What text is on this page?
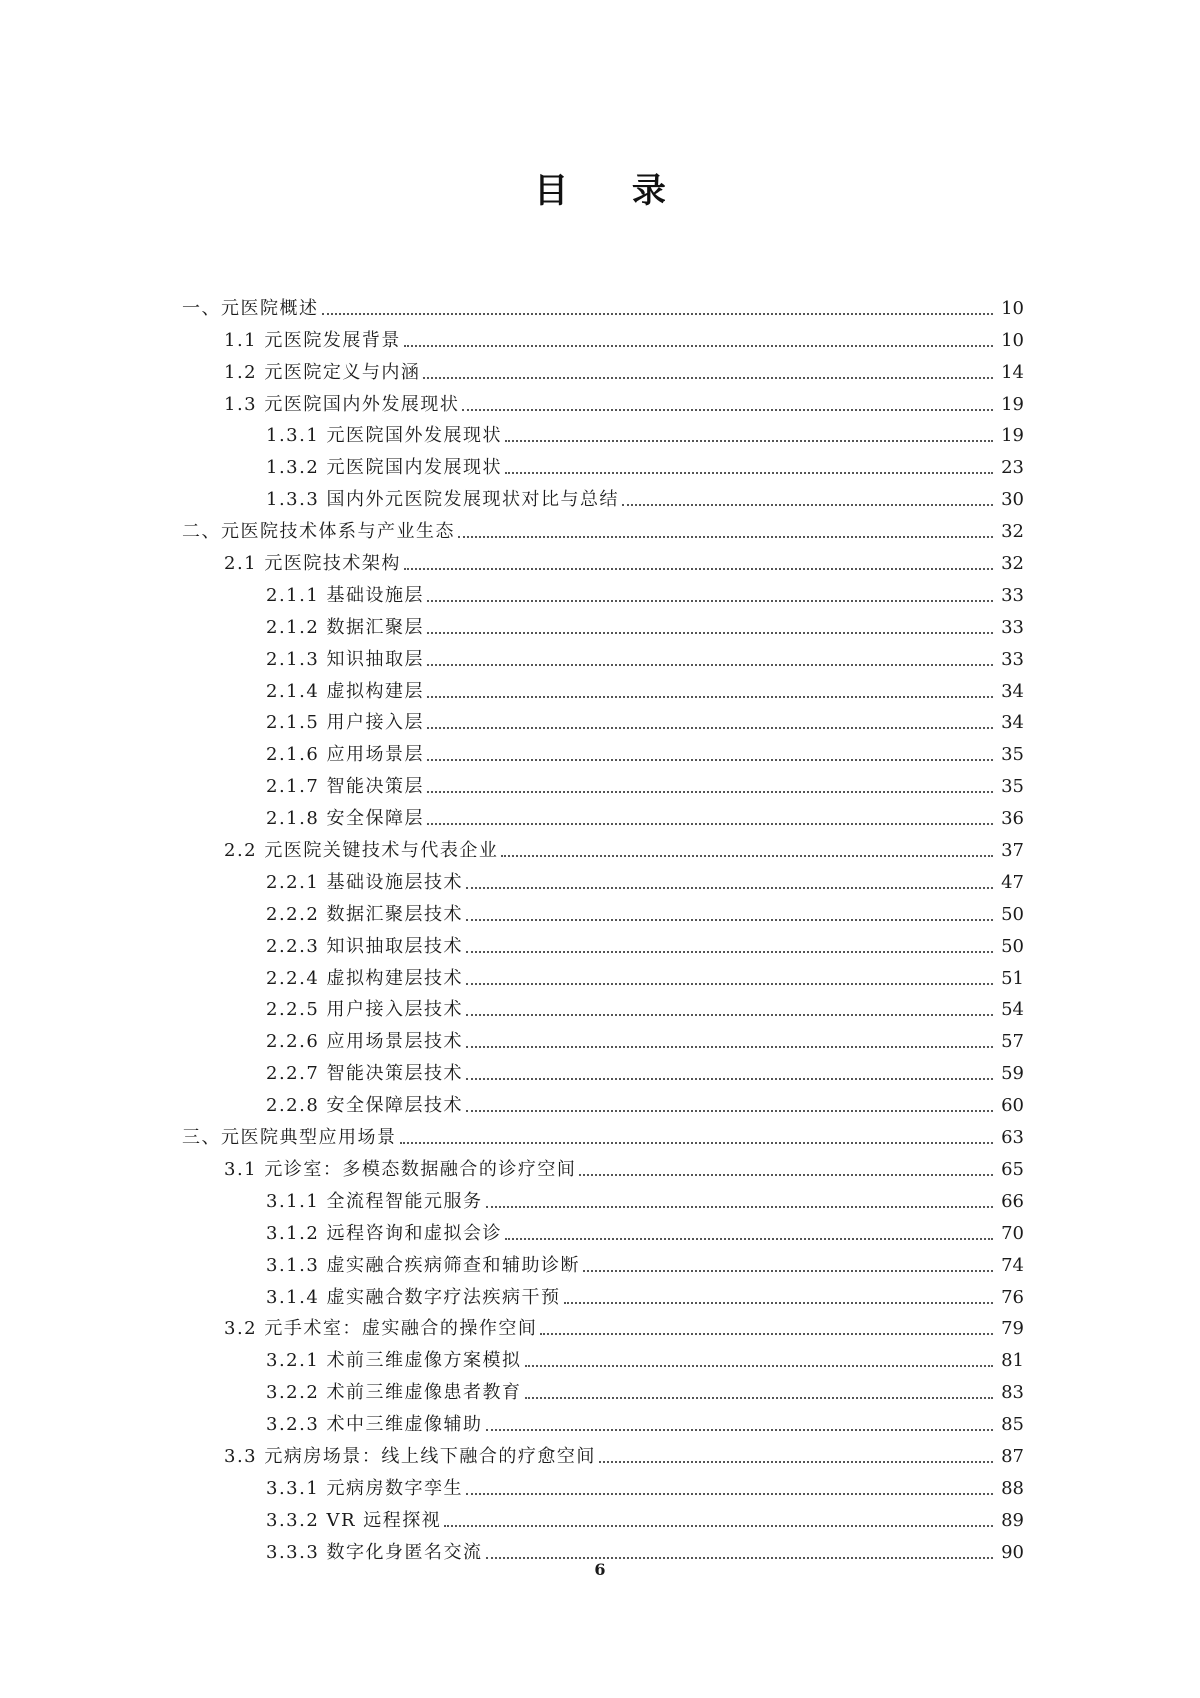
目 录
一、元医院概述	10
1.1 元医院发展背景	10
1.2 元医院定义与内涵	14
1.3 元医院国内外发展现状	19
1.3.1 元医院国外发展现状	19
1.3.2 元医院国内发展现状	23
1.3.3 国内外元医院发展现状对比与总结	30
二、元医院技术体系与产业生态	32
2.1 元医院技术架构	32
2.1.1 基础设施层	33
2.1.2 数据汇聚层	33
2.1.3 知识抽取层	33
2.1.4 虚拟构建层	34
2.1.5 用户接入层	34
2.1.6 应用场景层	35
2.1.7 智能决策层	35
2.1.8 安全保障层	36
2.2 元医院关键技术与代表企业	37
2.2.1 基础设施层技术	47
2.2.2 数据汇聚层技术	50
2.2.3 知识抽取层技术	50
2.2.4 虚拟构建层技术	51
2.2.5 用户接入层技术	54
2.2.6 应用场景层技术	57
2.2.7 智能决策层技术	59
2.2.8 安全保障层技术	60
三、元医院典型应用场景	63
3.1 元诊室：多模态数据融合的诊疗空间	65
3.1.1 全流程智能元服务	66
3.1.2 远程咨询和虚拟会诊	70
3.1.3 虚实融合疾病筛查和辅助诊断	74
3.1.4 虚实融合数字疗法疾病干预	76
3.2 元手术室：虚实融合的操作空间	79
3.2.1 术前三维虚像方案模拟	81
3.2.2 术前三维虚像患者教育	83
3.2.3 术中三维虚像辅助	85
3.3 元病房场景：线上线下融合的疗愈空间	87
3.3.1 元病房数字孪生	88
3.3.2 VR 远程探视	89
3.3.3 数字化身匿名交流	90
6
